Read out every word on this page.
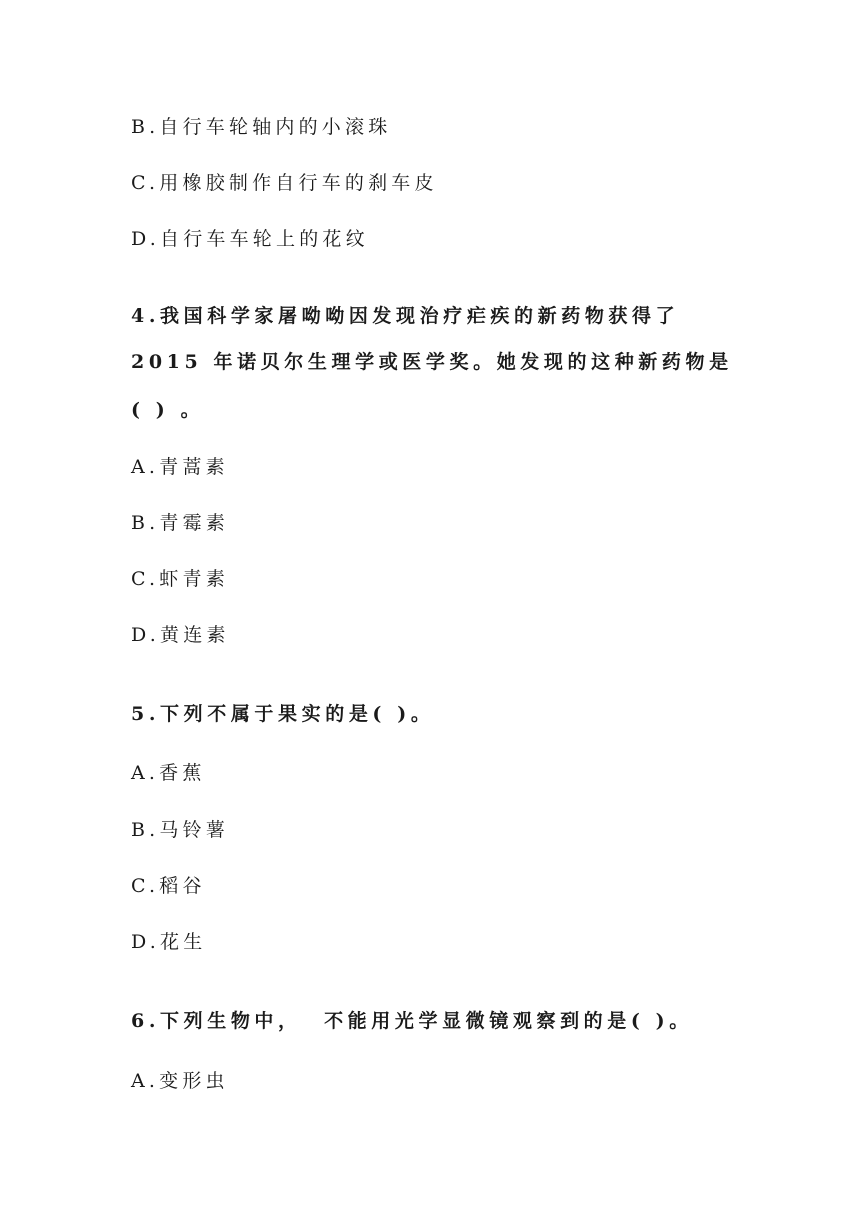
B.自行车轮轴内的小滚珠
C.用橡胶制作自行车的刹车皮
D.自行车车轮上的花纹
4.我国科学家屠呦呦因发现治疗疟疾的新药物获得了
2015 年诺贝尔生理学或医学奖。她发现的这种新药物是
( ) 。
A.青蒿素
B.青霉素
C.虾青素
D.黄连素
5.下列不属于果实的是( )。
A.香蕉
B.马铃薯
C.稻谷
D.花生
6.下列生物中，  不能用光学显微镜观察到的是( )。
A.变形虫
